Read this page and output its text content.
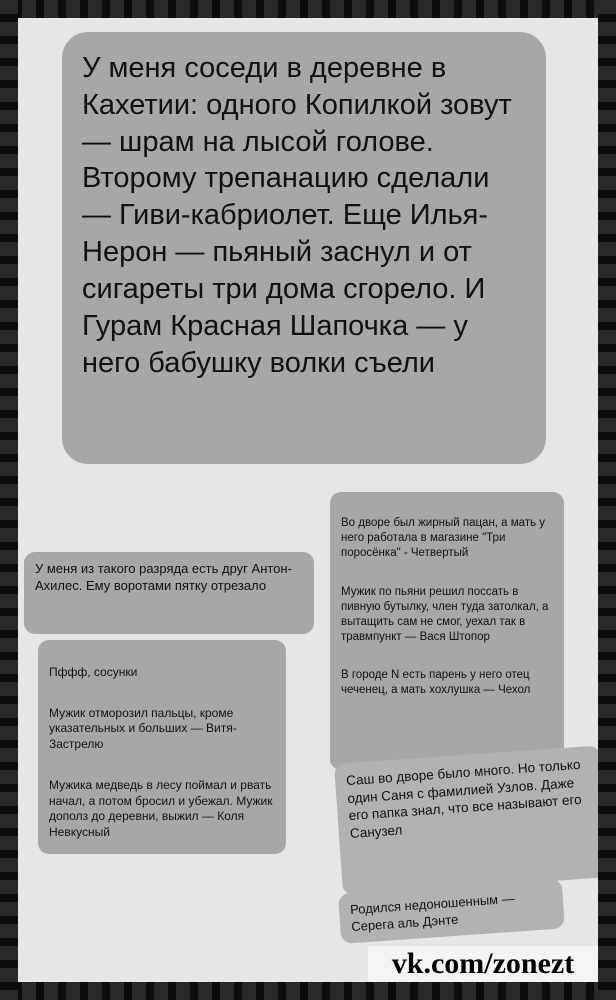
У меня соседи в деревне в Кахетии: одного Копилкой зовут — шрам на лысой голове. Второму трепанацию сделали — Гиви-кабриолет. Еще Илья-Нерон — пьяный заснул и от сигареты три дома сгорело. И Гурам Красная Шапочка — у него бабушку волки съели

Во дворе был жирный пацан, а мать у него работала в магазине "Три поросёнка" - Четвертый

Мужик по пьяни решил поссать в пивную бутылку, член туда затолкал, а вытащить сам не смог, уехал так в травмпункт — Вася Штопор

В городе N есть парень у него отец чеченец, а мать хохлушка — Чехол

У меня из такого разряда есть друг Антон-Ахилес. Ему воротами пятку отрезало

Пффф, сосунки

Мужик отморозил пальцы, кроме указательных и больших — Витя-Застрелю

Мужика медведь в лесу поймал и рвать начал, а потом бросил и убежал. Мужик дополз до деревни, выжил — Коля Невкусный

Саш во дворе было много. Но только один Саня с фамилией Узлов. Даже его папка знал, что все называют его Санузел
Родился недоношенным — Серега аль Дэнте
vk.com/zonezt
